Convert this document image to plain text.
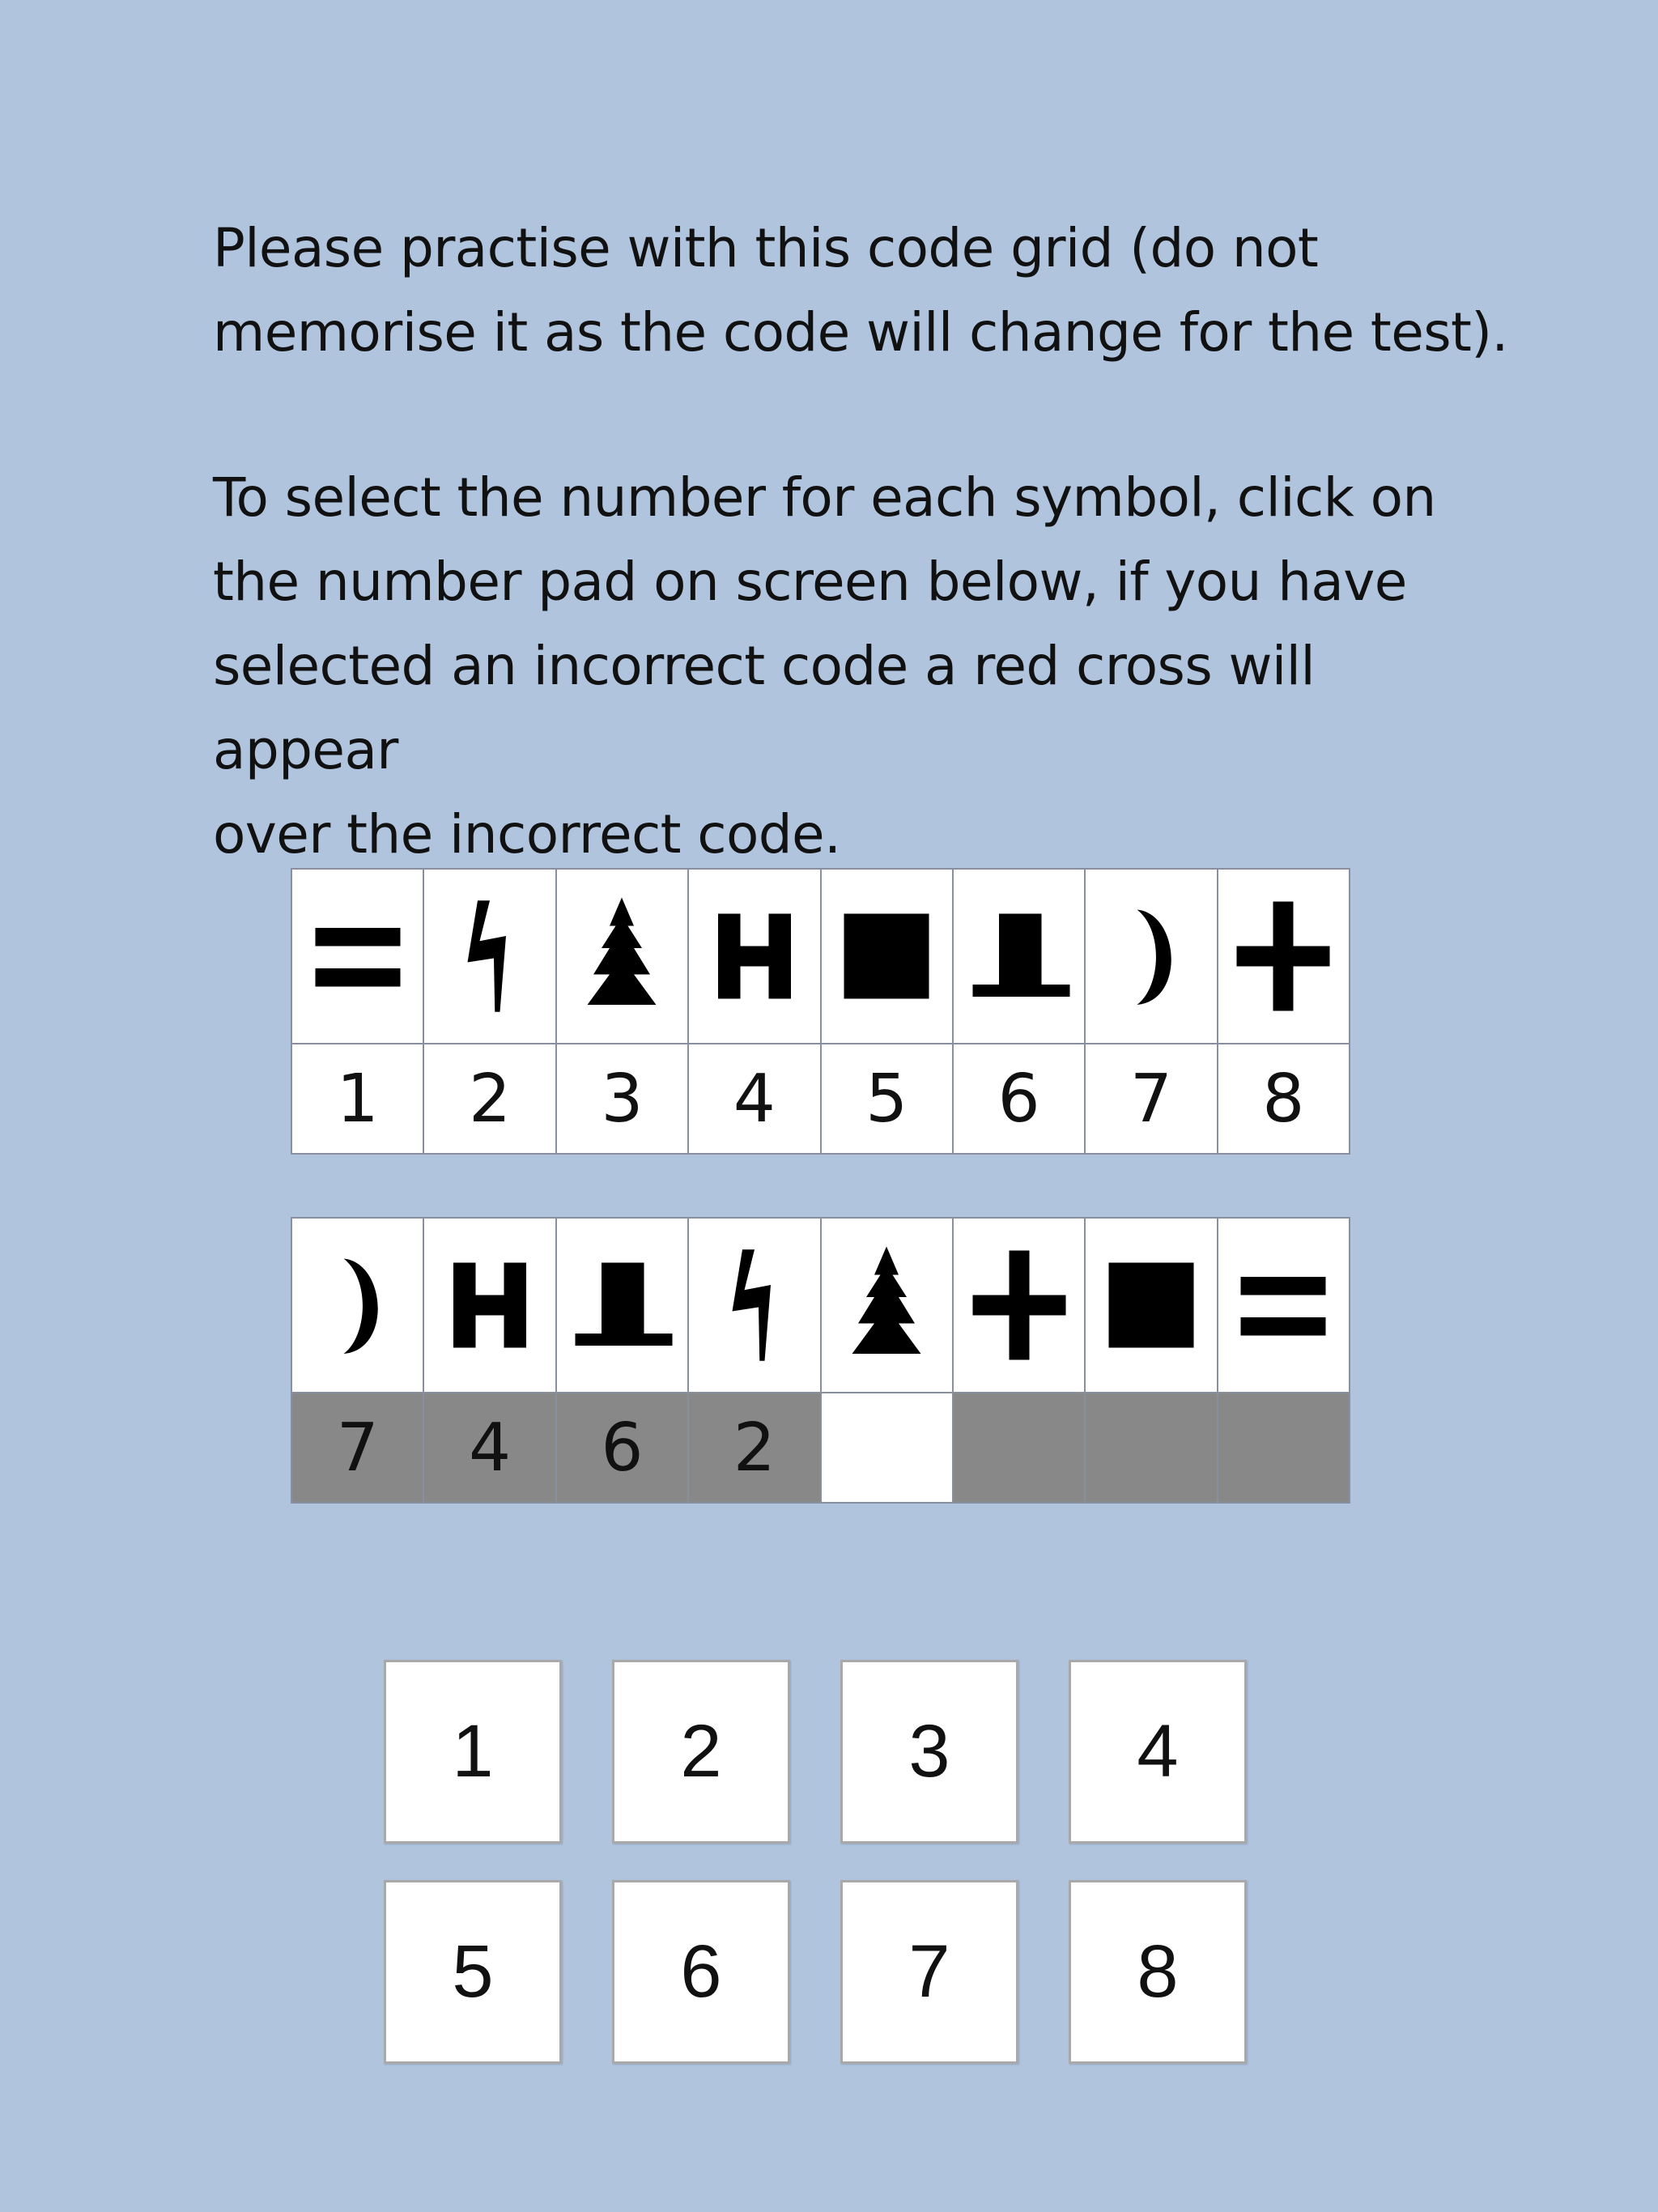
Please practise with this code grid (do not
memorise it as the code will change for the test).

To select the number for each symbol, click on
the number pad on screen below, if you have
selected an incorrect code a red cross will appear
over the incorrect code.

1	2	3	4	5	6	7	8
7	4	6	2
1	2	3	4
5	6	7	8
